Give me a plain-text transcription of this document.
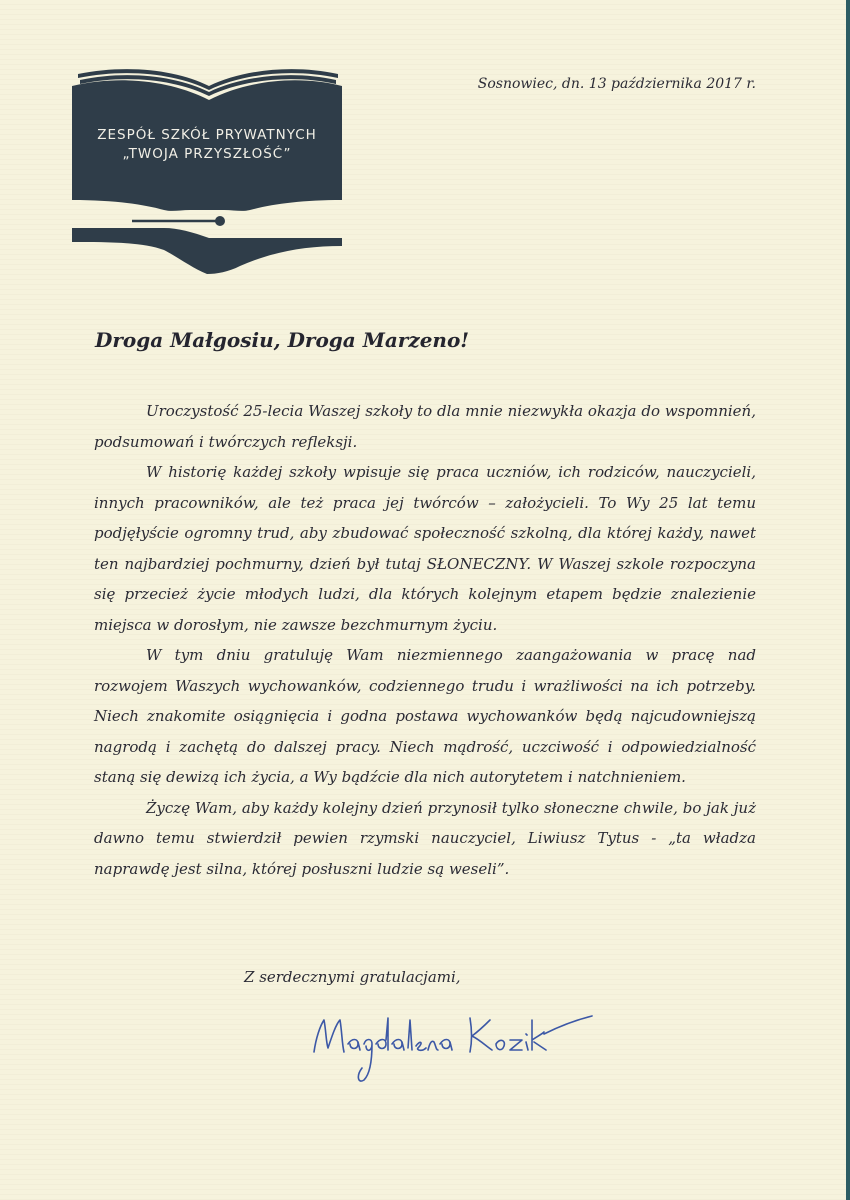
ZESPÓŁ SZKÓŁ PRYWATNYCH
„TWOJA PRZYSZŁOŚĆ”
Sosnowiec, dn. 13 października 2017 r.
Droga Małgosiu, Droga Marzeno!

Uroczystość 25-lecia Waszej szkoły to dla mnie niezwykła okazja do wspomnień, podsumowań i twórczych refleksji.

W historię każdej szkoły wpisuje się praca uczniów, ich rodziców, nauczycieli, innych pracowników, ale też praca jej twórców – założycieli. To Wy 25 lat temu podjęłyście ogromny trud, aby zbudować społeczność szkolną, dla której każdy, nawet ten najbardziej pochmurny, dzień był tutaj SŁONECZNY. W Waszej szkole rozpoczyna się przecież życie młodych ludzi, dla których kolejnym etapem będzie znalezienie miejsca w dorosłym, nie zawsze bezchmurnym życiu.

W tym dniu gratuluję Wam niezmiennego zaangażowania w pracę nad rozwojem Waszych wychowanków, codziennego trudu i wrażliwości na ich potrzeby. Niech znakomite osiągnięcia i godna postawa wychowanków będą najcudowniejszą nagrodą i zachętą do dalszej pracy. Niech mądrość, uczciwość i odpowiedzialność staną się dewizą ich życia, a Wy bądźcie dla nich autorytetem i natchnieniem.

Życzę Wam, aby każdy kolejny dzień przynosił tylko słoneczne chwile, bo jak już dawno temu stwierdził pewien rzymski nauczyciel, Liwiusz Tytus - „ta władza naprawdę jest silna, której posłuszni ludzie są weseli”.

Z serdecznymi gratulacjami,
